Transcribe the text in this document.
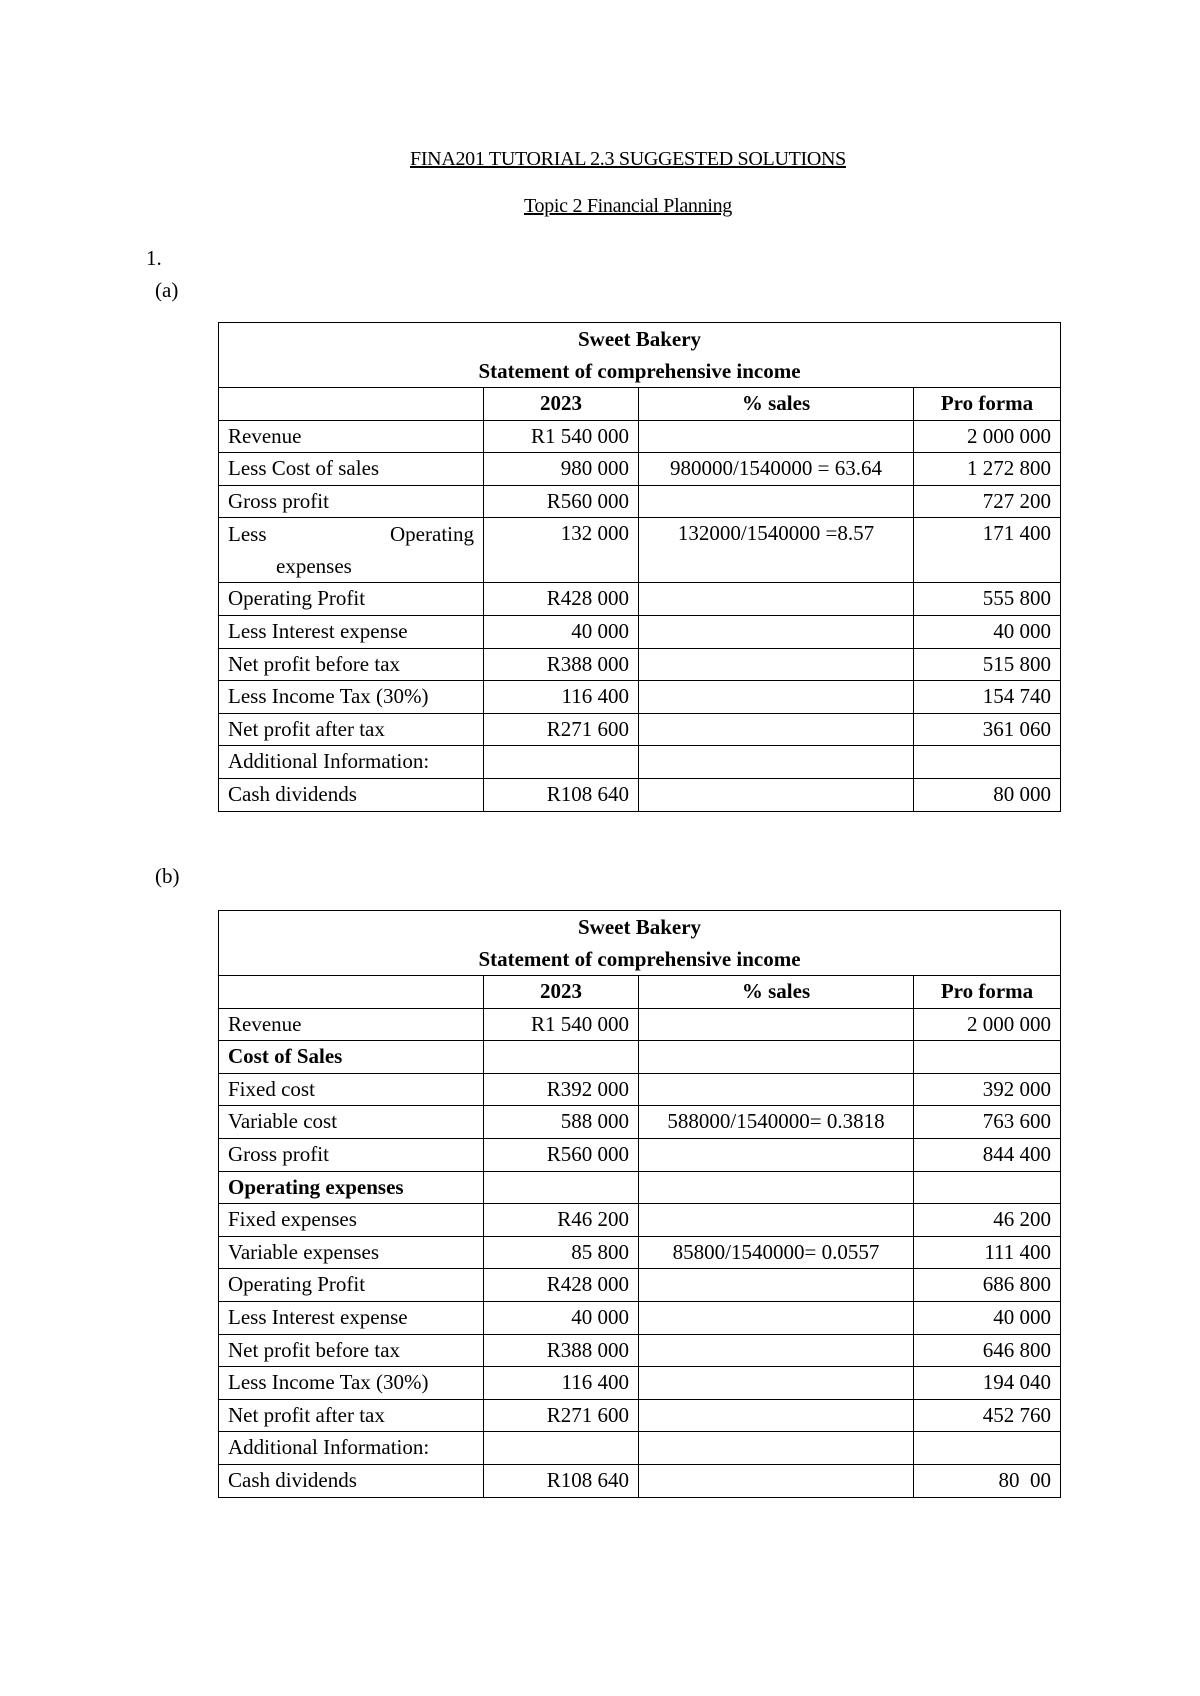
FINA201 TUTORIAL 2.3 SUGGESTED SOLUTIONS
Topic 2 Financial Planning
1.
(a)
Sweet Bakery
Statement of comprehensive income			

	2023	% sales	Pro forma
Revenue	R1 540 000		2 000 000
Less Cost of sales	980 000	980000/1540000 = 63.64	1 272 800
Gross profit	R560 000		727 200

Less Operating
expenses	132 000	132000/1540000 =8.57	171 400
Operating Profit	R428 000		555 800
Less Interest expense	40 000		40 000
Net profit before tax	R388 000		515 800
Less Income Tax (30%)	116 400		154 740
Net profit after tax	R271 600		361 060
Additional Information:			
Cash dividends	R108 640		80 000
(b)
Sweet Bakery
Statement of comprehensive income			

	2023	% sales	Pro forma
Revenue	R1 540 000		2 000 000
Cost of Sales			
Fixed cost	R392 000		392 000
Variable cost	588 000	588000/1540000= 0.3818	763 600
Gross profit	R560 000		844 400
Operating expenses			
Fixed expenses	R46 200		46 200
Variable expenses	85 800	85800/1540000= 0.0557	111 400
Operating Profit	R428 000		686 800
Less Interest expense	40 000		40 000
Net profit before tax	R388 000		646 800
Less Income Tax (30%)	116 400		194 040
Net profit after tax	R271 600		452 760
Additional Information:			
Cash dividends	R108 640		80  00
